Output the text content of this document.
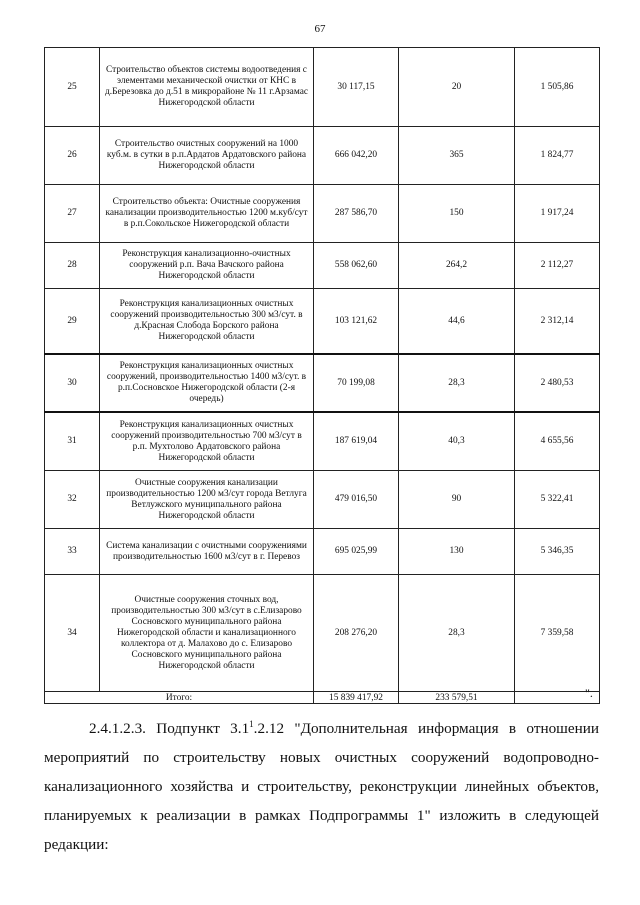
67
25	Строительство объектов системы водоотведения с элементами механической очистки от КНС в д.Березовка до д.51 в микрорайоне № 11 г.Арзамас Нижегородской области	30 117,15	20	1 505,86
26	Строительство очистных сооружений на 1000 куб.м. в сутки в р.п.Ардатов Ардатовского района Нижегородской области	666 042,20	365	1 824,77
27	Строительство объекта: Очистные сооружения канализации производительностью 1200 м.куб/сут в р.п.Сокольское Нижегородской области	287 586,70	150	1 917,24
28	Реконструкция канализационно-очистных сооружений р.п. Вача Вачского района Нижегородской области	558 062,60	264,2	2 112,27
29	Реконструкция канализационных очистных сооружений производительностью 300 м3/сут. в д.Красная Слобода Борского района Нижегородской области	103 121,62	44,6	2 312,14
30	Реконструкция канализационных очистных сооружений, производительностью 1400 м3/сут. в р.п.Сосновское Нижегородской области (2-я очередь)	70 199,08	28,3	2 480,53
31	Реконструкция канализационных очистных сооружений производительностью 700 м3/сут в р.п. Мухтолово Ардатовского района Нижегородской области	187 619,04	40,3	4 655,56
32	Очистные сооружения канализации производительностью 1200 м3/сут города Ветлуга Ветлужского муниципального района Нижегородской области	479 016,50	90	5 322,41
33	Система канализации с очистными сооружениями производительностью 1600 м3/сут в г. Перевоз	695 025,99	130	5 346,35
34	Очистные сооружения сточных вод, производительностью 300 м3/сут в с.Елизарово Сосновского муниципального района Нижегородской области и канализационного коллектора от д. Малахово до с. Елизарово Сосновского муниципального района Нижегородской области	208 276,20	28,3	7 359,58
Итого:		15 839 417,92	233 579,51		".

2.4.1.2.3. Подпункт $3.1^1.2.12$ "Дополнительная информация в отношении
мероприятий по строительству новых очистных сооружений водопроводно-
канализационного хозяйства и строительству, реконструкции линейных объектов,
планируемых к реализации в рамках Подпрограммы 1" изложить в следующей
редакции:
